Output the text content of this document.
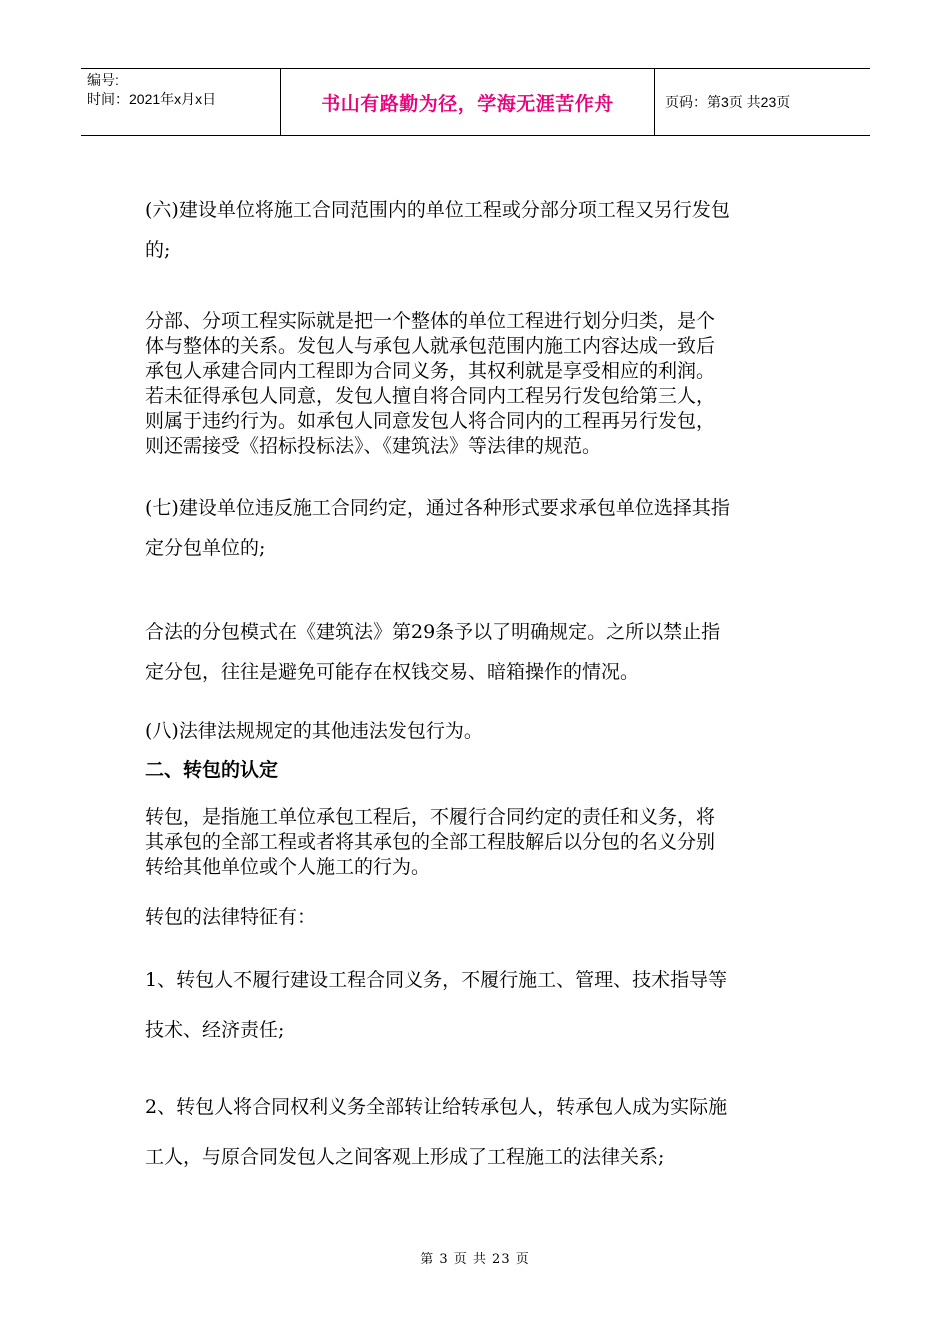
编号:
时间：2021年x月x日	书山有路勤为径，学海无涯苦作舟	页码：第3页 共23页
(六)建设单位将施工合同范围内的单位工程或分部分项工程又另行发包
的;
分部、分项工程实际就是把一个整体的单位工程进行划分归类，是个
体与整体的关系。发包人与承包人就承包范围内施工内容达成一致后
承包人承建合同内工程即为合同义务，其权利就是享受相应的利润。
若未征得承包人同意，发包人擅自将合同内工程另行发包给第三人，
则属于违约行为。如承包人同意发包人将合同内的工程再另行发包，
则还需接受《招标投标法》、《建筑法》等法律的规范。
(七)建设单位违反施工合同约定，通过各种形式要求承包单位选择其指
定分包单位的;
合法的分包模式在《建筑法》第29条予以了明确规定。之所以禁止指
定分包，往往是避免可能存在权钱交易、暗箱操作的情况。
(八)法律法规规定的其他违法发包行为。
二、转包的认定
转包，是指施工单位承包工程后，不履行合同约定的责任和义务，将
其承包的全部工程或者将其承包的全部工程肢解后以分包的名义分别
转给其他单位或个人施工的行为。
转包的法律特征有：
1、转包人不履行建设工程合同义务，不履行施工、管理、技术指导等
技术、经济责任;
2、转包人将合同权利义务全部转让给转承包人，转承包人成为实际施
工人，与原合同发包人之间客观上形成了工程施工的法律关系;
第 3 页 共 23 页
